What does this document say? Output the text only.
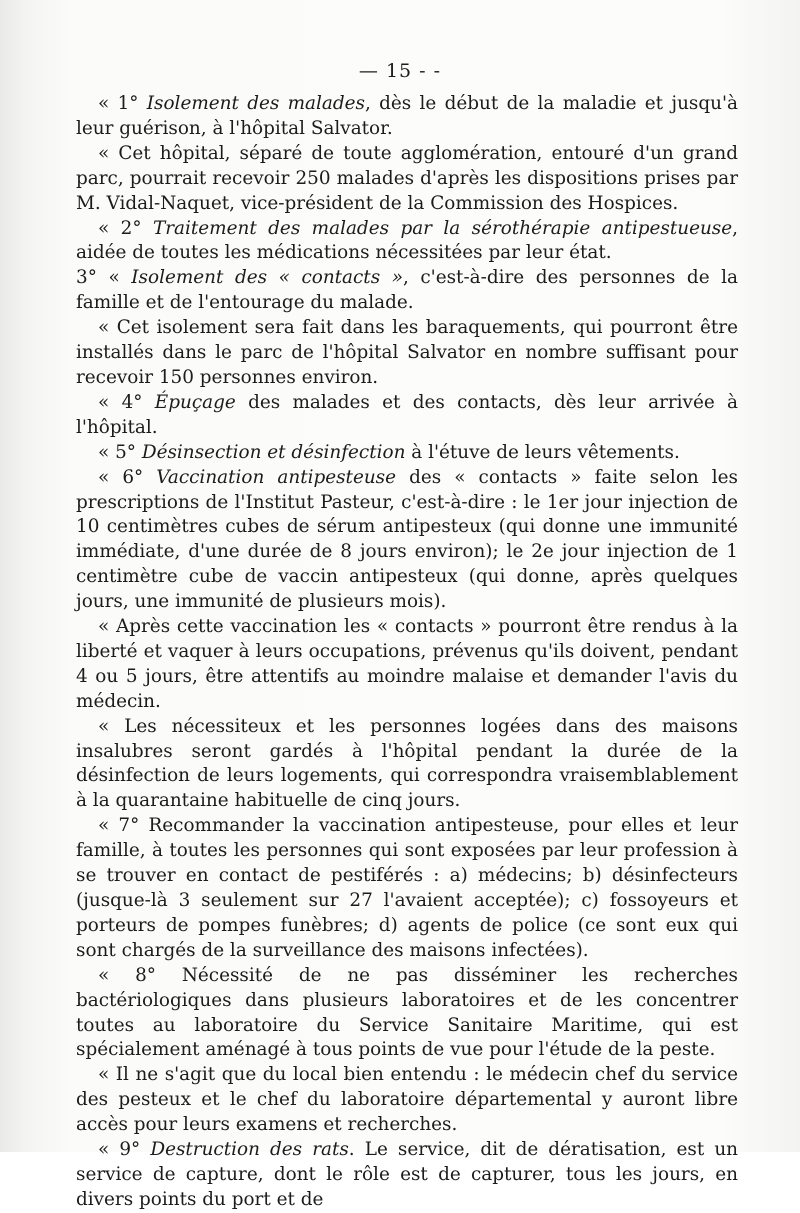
— 15 - -

« 1° Isolement des malades, dès le début de la maladie et jusqu'à leur guérison, à l'hôpital Salvator.

« Cet hôpital, séparé de toute agglomération, entouré d'un grand parc, pourrait recevoir 250 malades d'après les dispositions prises par M. Vidal-Naquet, vice-président de la Commission des Hospices.

« 2° Traitement des malades par la sérothérapie antipestueuse, aidée de toutes les médications nécessitées par leur état.

3° « Isolement des « contacts », c'est-à-dire des personnes de la famille et de l'entourage du malade.

« Cet isolement sera fait dans les baraquements, qui pourront être installés dans le parc de l'hôpital Salvator en nombre suffisant pour recevoir 150 personnes environ.

« 4° Épuçage des malades et des contacts, dès leur arrivée à l'hôpital.

« 5° Désinsection et désinfection à l'étuve de leurs vêtements.

« 6° Vaccination antipesteuse des « contacts » faite selon les prescriptions de l'Institut Pasteur, c'est-à-dire : le 1er jour injection de 10 centimètres cubes de sérum antipesteux (qui donne une immunité immédiate, d'une durée de 8 jours environ); le 2e jour injection de 1 centimètre cube de vaccin antipesteux (qui donne, après quelques jours, une immunité de plusieurs mois).

« Après cette vaccination les « contacts » pourront être rendus à la liberté et vaquer à leurs occupations, prévenus qu'ils doivent, pendant 4 ou 5 jours, être attentifs au moindre malaise et demander l'avis du médecin.

« Les nécessiteux et les personnes logées dans des maisons insalubres seront gardés à l'hôpital pendant la durée de la désinfection de leurs logements, qui correspondra vraisemblablement à la quarantaine habituelle de cinq jours.

« 7° Recommander la vaccination antipesteuse, pour elles et leur famille, à toutes les personnes qui sont exposées par leur profession à se trouver en contact de pestiférés : a) médecins; b) désinfecteurs (jusque-là 3 seulement sur 27 l'avaient acceptée); c) fossoyeurs et porteurs de pompes funèbres; d) agents de police (ce sont eux qui sont chargés de la surveillance des maisons infectées).

« 8° Nécessité de ne pas disséminer les recherches bactériologiques dans plusieurs laboratoires et de les concentrer toutes au laboratoire du Service Sanitaire Maritime, qui est spécialement aménagé à tous points de vue pour l'étude de la peste.

« Il ne s'agit que du local bien entendu : le médecin chef du service des pesteux et le chef du laboratoire départemental y auront libre accès pour leurs examens et recherches.

« 9° Destruction des rats. Le service, dit de dératisation, est un service de capture, dont le rôle est de capturer, tous les jours, en divers points du port et de
